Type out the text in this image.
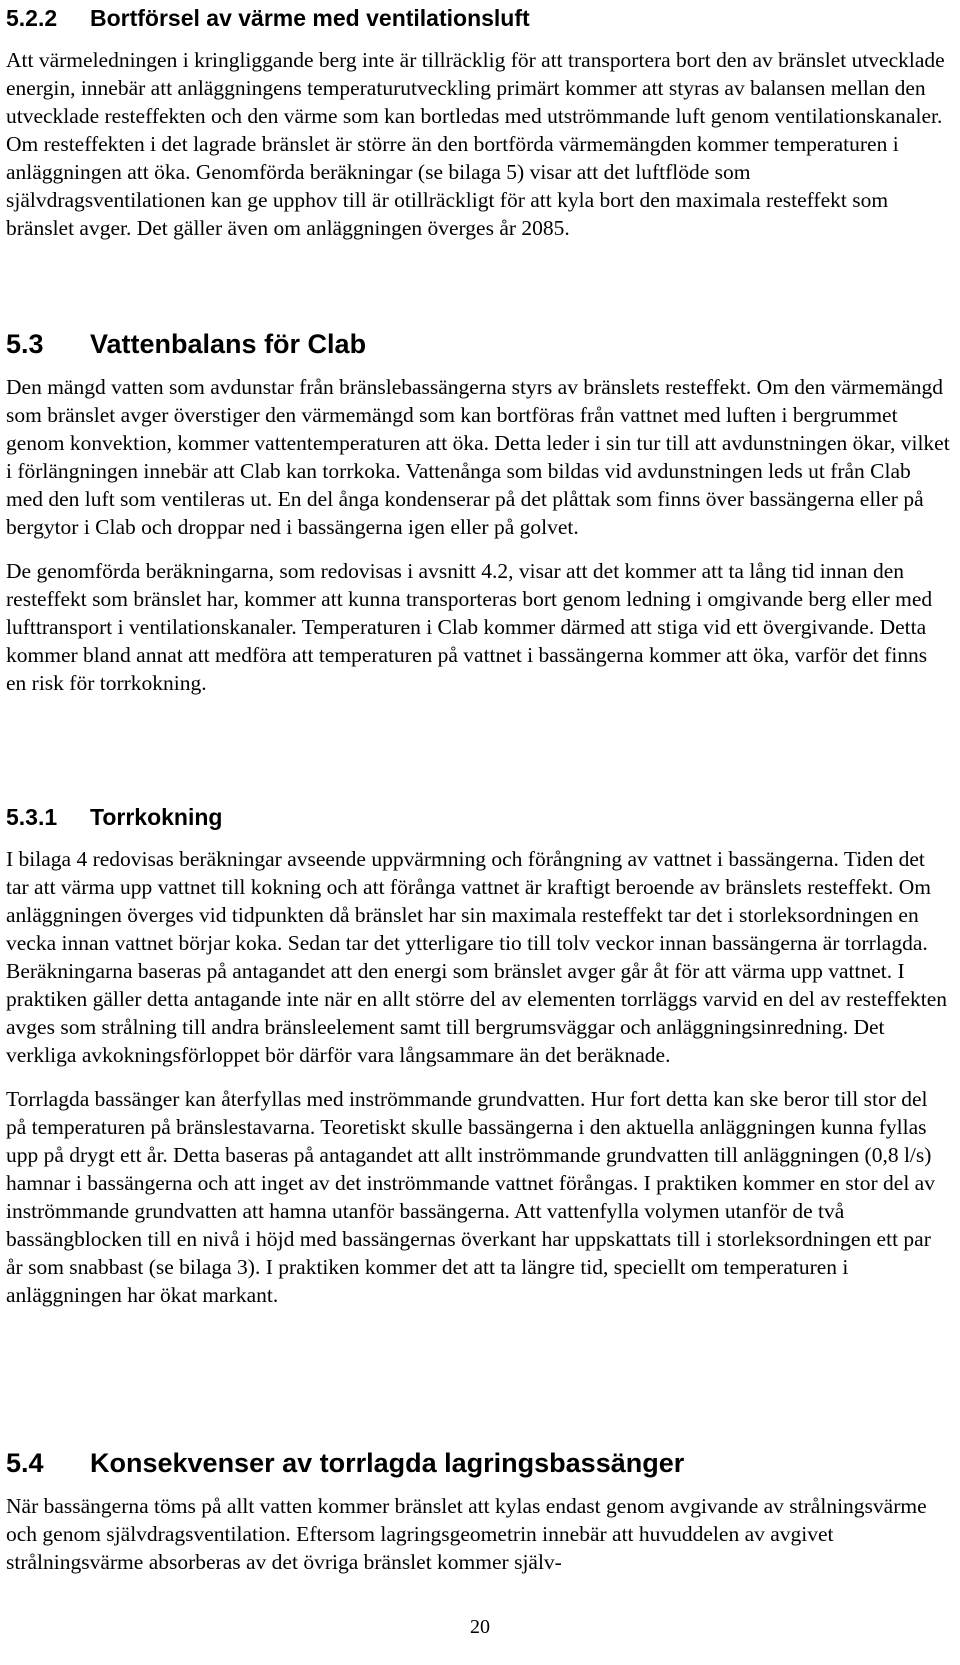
5.2.2 Bortförsel av värme med ventilationsluft

Att värmeledningen i kringliggande berg inte är tillräcklig för att transportera bort den av bränslet utvecklade energin, innebär att anläggningens temperaturutveckling primärt kommer att styras av balansen mellan den utvecklade resteffekten och den värme som kan bortledas med utströmmande luft genom ventilationskanaler. Om resteffekten i det lagrade bränslet är större än den bortförda värmemängden kommer temperaturen i anläggningen att öka. Genomförda beräkningar (se bilaga 5) visar att det luftflöde som självdragsventilationen kan ge upphov till är otillräckligt för att kyla bort den maximala resteffekt som bränslet avger. Det gäller även om anläggningen överges år 2085.

5.3 Vattenbalans för Clab

Den mängd vatten som avdunstar från bränslebassängerna styrs av bränslets resteffekt. Om den värmemängd som bränslet avger överstiger den värmemängd som kan bortföras från vattnet med luften i bergrummet genom konvektion, kommer vattentemperaturen att öka. Detta leder i sin tur till att avdunstningen ökar, vilket i förlängningen innebär att Clab kan torrkoka. Vattenånga som bildas vid avdunstningen leds ut från Clab med den luft som ventileras ut. En del ånga kondenserar på det plåttak som finns över bassängerna eller på bergytor i Clab och droppar ned i bassängerna igen eller på golvet.

De genomförda beräkningarna, som redovisas i avsnitt 4.2, visar att det kommer att ta lång tid innan den resteffekt som bränslet har, kommer att kunna transporteras bort genom ledning i omgivande berg eller med lufttransport i ventilationskanaler. Temperaturen i Clab kommer därmed att stiga vid ett övergivande. Detta kommer bland annat att medföra att temperaturen på vattnet i bassängerna kommer att öka, varför det finns en risk för torrkokning.

5.3.1 Torrkokning

I bilaga 4 redovisas beräkningar avseende uppvärmning och förångning av vattnet i bassängerna. Tiden det tar att värma upp vattnet till kokning och att förånga vattnet är kraftigt beroende av bränslets resteffekt. Om anläggningen överges vid tidpunkten då bränslet har sin maximala resteffekt tar det i storleksordningen en vecka innan vattnet börjar koka. Sedan tar det ytterligare tio till tolv veckor innan bassängerna är torrlagda. Beräkningarna baseras på antagandet att den energi som bränslet avger går åt för att värma upp vattnet. I praktiken gäller detta antagande inte när en allt större del av elementen torrläggs varvid en del av resteffekten avges som strålning till andra bränsleelement samt till bergrumsväggar och anläggningsinredning. Det verkliga avkokningsförloppet bör därför vara långsammare än det beräknade.

Torrlagda bassänger kan återfyllas med inströmmande grundvatten. Hur fort detta kan ske beror till stor del på temperaturen på bränslestavarna. Teoretiskt skulle bassängerna i den aktuella anläggningen kunna fyllas upp på drygt ett år. Detta baseras på antagandet att allt inströmmande grundvatten till anläggningen (0,8 l/s) hamnar i bassängerna och att inget av det inströmmande vattnet förångas. I praktiken kommer en stor del av inströmmande grundvatten att hamna utanför bassängerna. Att vattenfylla volymen utanför de två bassängblocken till en nivå i höjd med bassängernas överkant har uppskattats till i storleksordningen ett par år som snabbast (se bilaga 3). I praktiken kommer det att ta längre tid, speciellt om temperaturen i anläggningen har ökat markant.

5.4 Konsekvenser av torrlagda lagringsbassänger

När bassängerna töms på allt vatten kommer bränslet att kylas endast genom avgivande av strålningsvärme och genom självdragsventilation. Eftersom lagringsgeometrin innebär att huvuddelen av avgivet strålningsvärme absorberas av det övriga bränslet kommer själv-

20
